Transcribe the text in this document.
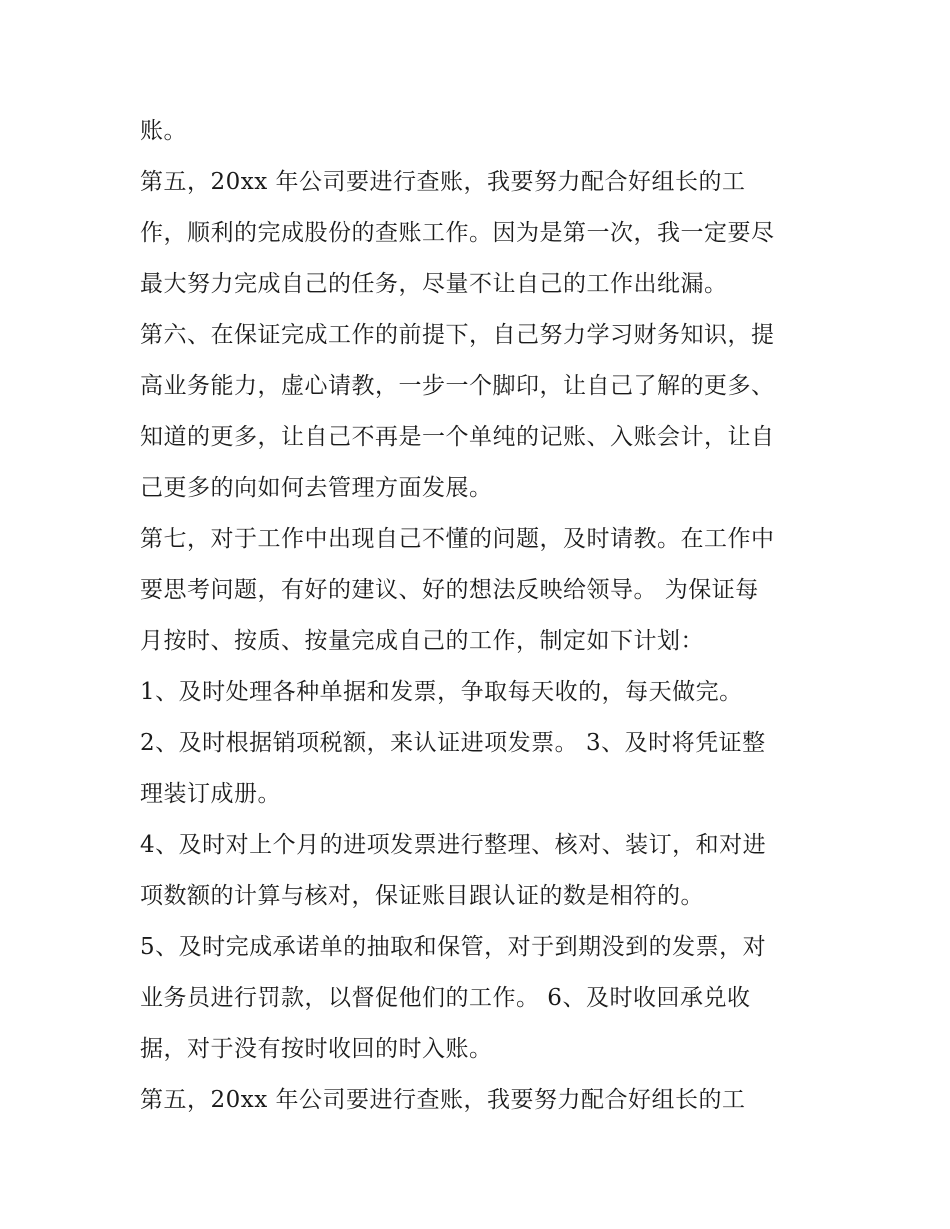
账。
第五，20xx 年公司要进行查账，我要努力配合好组长的工
作，顺利的完成股份的查账工作。因为是第一次，我一定要尽
最大努力完成自己的任务，尽量不让自己的工作出纰漏。
第六、在保证完成工作的前提下，自己努力学习财务知识，提
高业务能力，虚心请教，一步一个脚印，让自己了解的更多、
知道的更多，让自己不再是一个单纯的记账、入账会计，让自
己更多的向如何去管理方面发展。
第七，对于工作中出现自己不懂的问题，及时请教。在工作中
要思考问题，有好的建议、好的想法反映给领导。 为保证每
月按时、按质、按量完成自己的工作，制定如下计划：
1、及时处理各种单据和发票，争取每天收的，每天做完。
2、及时根据销项税额，来认证进项发票。 3、及时将凭证整
理装订成册。
4、及时对上个月的进项发票进行整理、核对、装订，和对进
项数额的计算与核对，保证账目跟认证的数是相符的。
5、及时完成承诺单的抽取和保管，对于到期没到的发票，对
业务员进行罚款，以督促他们的工作。 6、及时收回承兑收
据，对于没有按时收回的时入账。
第五，20xx 年公司要进行查账，我要努力配合好组长的工
